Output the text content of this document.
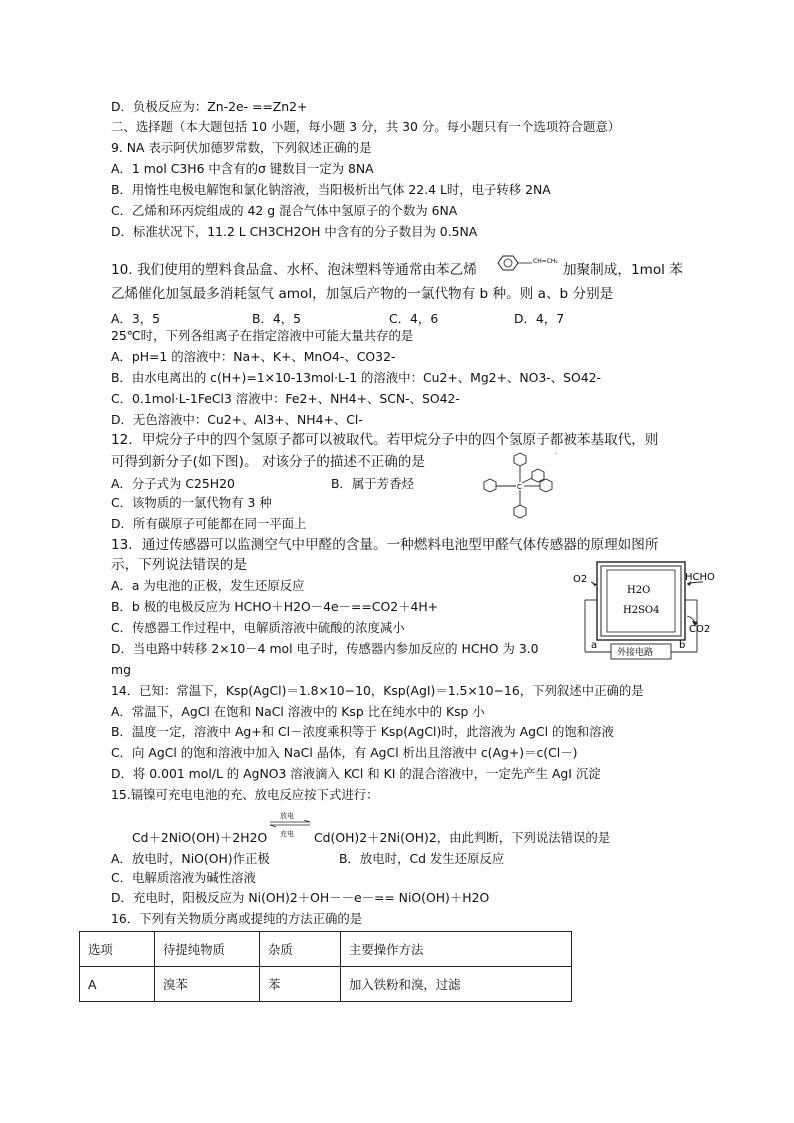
D．负极反应为：Zn-2e- ==Zn2+
二、选择题（本大题包括 10 小题，每小题 3 分，共 30 分。每小题只有一个选项符合题意）
9. NA 表示阿伏加德罗常数，下列叙述正确的是
A．1 mol C3H6 中含有的σ 键数目一定为 8NA
B．用惰性电极电解饱和氯化钠溶液，当阳极析出气体 22.4 L时，电子转移 2NA
C．乙烯和环丙烷组成的 42 g 混合气体中氢原子的个数为 6NA
D．标准状况下，11.2 L CH3CH2OH 中含有的分子数目为 0.5NA
10. 我们使用的塑料食品盒、水杯、泡沫塑料等通常由苯乙烯
CH=CH₂
加聚制成，1mol 苯
乙烯催化加氢最多消耗氢气 amol，加氢后产物的一氯代物有 b 种。则 a、b 分别是
A．3，5	B．4，5	C．4，6	D．4，7
25℃时，下列各组离子在指定溶液中可能大量共存的是
A．pH=1 的溶液中：Na+、K+、MnO4-、CO32-
B．由水电离出的 c(H+)=1×10-13mol·L-1 的溶液中：Cu2+、Mg2+、NO3-、SO42-
C．0.1mol·L-1FeCl3 溶液中：Fe2+、NH4+、SCN-、SO42-
D．无色溶液中：Cu2+、Al3+、NH4+、Cl-
12．甲烷分子中的四个氢原子都可以被取代。若甲烷分子中的四个氢原子都被苯基取代，则
可得到新分子(如下图)。 对该分子的描述不正确的是
A．分子式为 C25H20	B．属于芳香烃
C．该物质的一氯代物有 3 种
D．所有碳原子可能都在同一平面上
C
`
13．通过传感器可以监测空气中甲醛的含量。一种燃料电池型甲醛气体传感器的原理如图所
示，下列说法错误的是
A．a 为电池的正极，发生还原反应
B．b 极的电极反应为 HCHO＋H2O－4e－==CO2＋4H+
C．传感器工作过程中，电解质溶液中硫酸的浓度减小
D．当电路中转移 2×10－4 mol 电子时，传感器内参加反应的 HCHO 为 3.0
mg
O2	HCHO
H2O
H2SO4
CO2
a	b
外接电路
14．已知：常温下，Ksp(AgCl)＝1.8×10−10，Ksp(AgI)＝1.5×10−16，下列叙述中正确的是
A．常温下，AgCl 在饱和 NaCl 溶液中的 Ksp 比在纯水中的 Ksp 小
B．温度一定，溶液中 Ag+和 Cl－浓度乘积等于 Ksp(AgCl)时，此溶液为 AgCl 的饱和溶液
C．向 AgCl 的饱和溶液中加入 NaCl 晶体，有 AgCl 析出且溶液中 c(Ag+)＝c(Cl－)
D．将 0.001 mol/L 的 AgNO3 溶液滴入 KCl 和 KI 的混合溶液中，一定先产生 AgI 沉淀
15.镉镍可充电电池的充、放电反应按下式进行：
Cd＋2NiO(OH)＋2H2O
放电
充电 Cd(OH)2＋2Ni(OH)2，由此判断，下列说法错误的是
A．放电时，NiO(OH)作正极	B．放电时，Cd 发生还原反应
C．电解质溶液为碱性溶液
D．充电时，阳极反应为 Ni(OH)2＋OH－－e－== NiO(OH)＋H2O
16．下列有关物质分离或提纯的方法正确的是
选项	待提纯物质	杂质	主要操作方法
A	溴苯	苯	加入铁粉和溴，过滤
